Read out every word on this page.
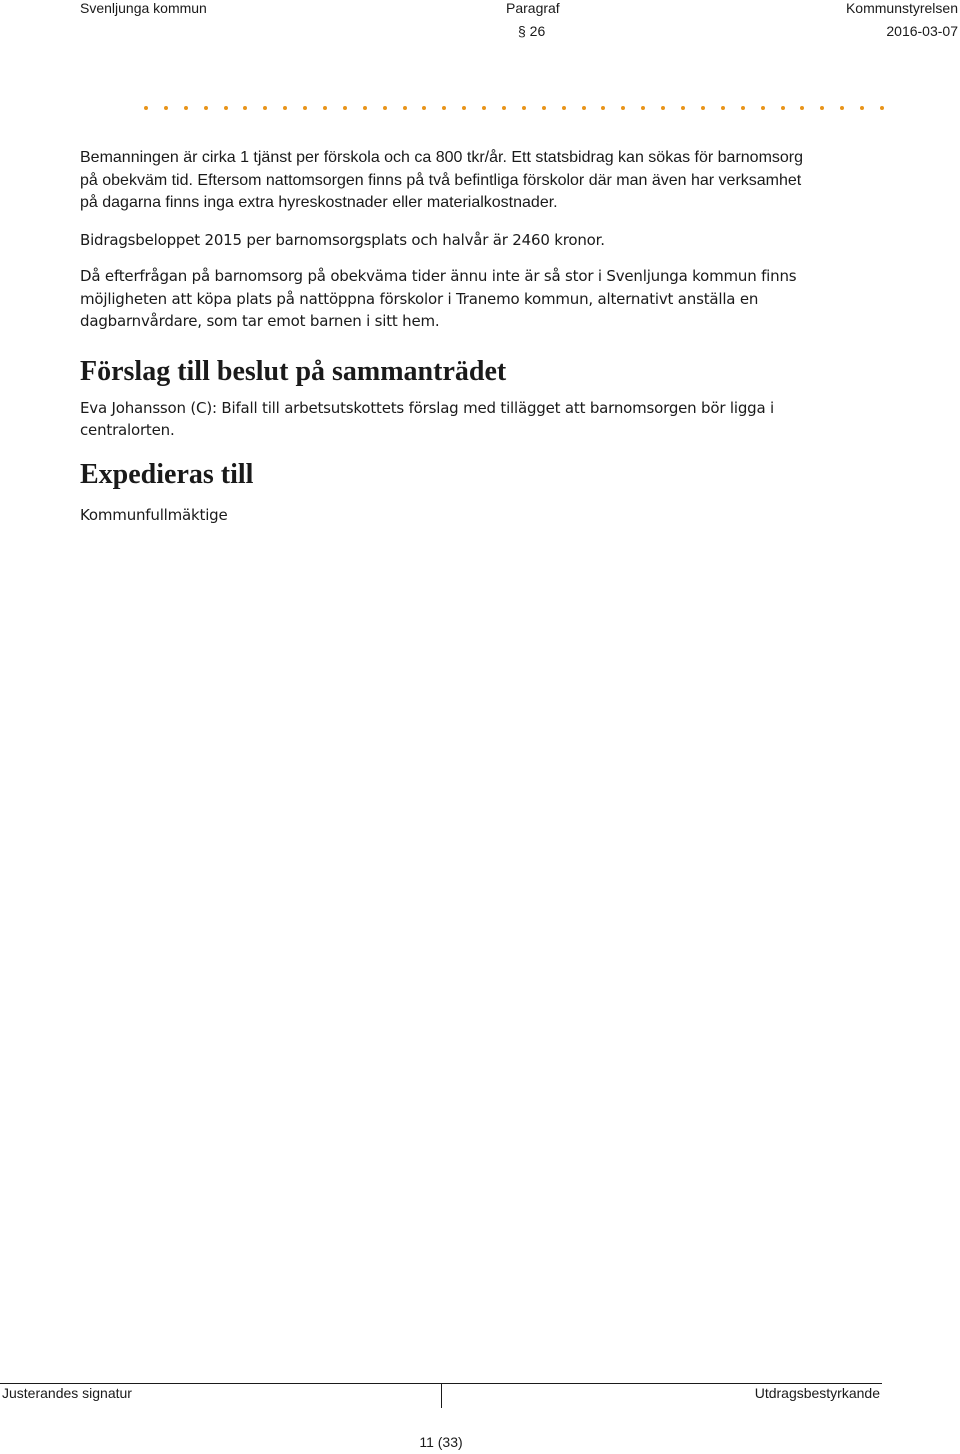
Svenljunga kommun	Paragraf
§ 26
Kommunstyrelsen
2016-03-07

Bemanningen är cirka 1 tjänst per förskola och ca 800 tkr/år. Ett statsbidrag kan sökas för barnomsorg på obekväm tid. Eftersom nattomsorgen finns på två befintliga förskolor där man även har verksamhet på dagarna finns inga extra hyreskostnader eller materialkostnader.

Bidragsbeloppet 2015 per barnomsorgsplats och halvår är 2460 kronor.

Då efterfrågan på barnomsorg på obekväma tider ännu inte är så stor i Svenljunga kommun finns möjligheten att köpa plats på nattöppna förskolor i Tranemo kommun, alternativt anställa en dagbarnvårdare, som tar emot barnen i sitt hem.

Förslag till beslut på sammanträdet

Eva Johansson (C): Bifall till arbetsutskottets förslag med tillägget att barnomsorgen bör ligga i centralorten.

Expedieras till

Kommunfullmäktige

Justerandes signatur	Utdragsbestyrkande
11 (33)
